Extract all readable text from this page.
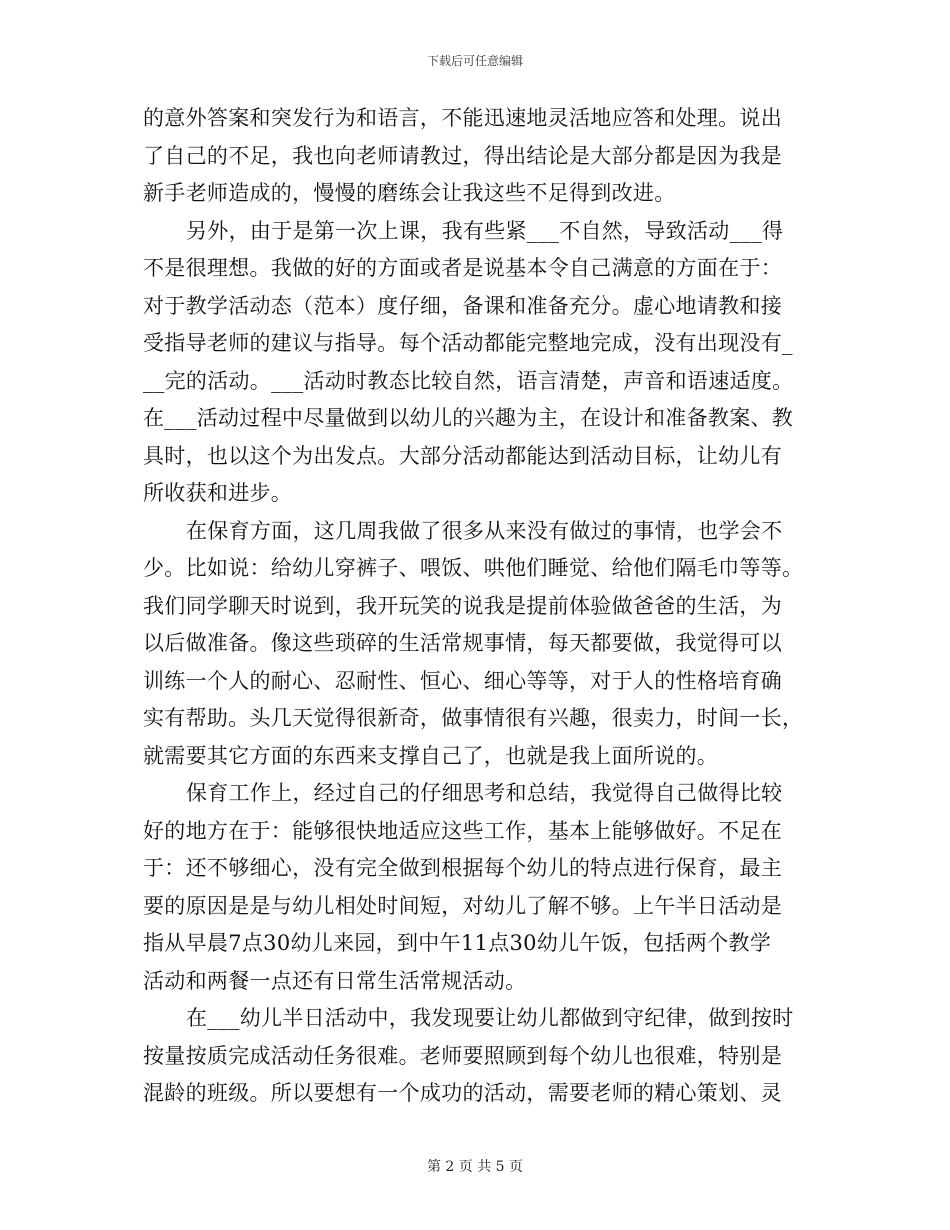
下载后可任意编辑
的意外答案和突发行为和语言，不能迅速地灵活地应答和处理。说出
了自己的不足，我也向老师请教过，得出结论是大部分都是因为我是
新手老师造成的，慢慢的磨练会让我这些不足得到改进。
另外，由于是第一次上课，我有些紧___不自然，导致活动___得
不是很理想。我做的好的方面或者是说基本令自己满意的方面在于：
对于教学活动态（范本）度仔细，备课和准备充分。虚心地请教和接
受指导老师的建议与指导。每个活动都能完整地完成，没有出现没有_
__完的活动。___活动时教态比较自然，语言清楚，声音和语速适度。
在___活动过程中尽量做到以幼儿的兴趣为主，在设计和准备教案、教
具时，也以这个为出发点。大部分活动都能达到活动目标，让幼儿有
所收获和进步。
在保育方面，这几周我做了很多从来没有做过的事情，也学会不
少。比如说：给幼儿穿裤子、喂饭、哄他们睡觉、给他们隔毛巾等等。
我们同学聊天时说到，我开玩笑的说我是提前体验做爸爸的生活，为
以后做准备。像这些琐碎的生活常规事情，每天都要做，我觉得可以
训练一个人的耐心、忍耐性、恒心、细心等等，对于人的性格培育确
实有帮助。头几天觉得很新奇，做事情很有兴趣，很卖力，时间一长，
就需要其它方面的东西来支撑自己了，也就是我上面所说的。
保育工作上，经过自己的仔细思考和总结，我觉得自己做得比较
好的地方在于：能够很快地适应这些工作，基本上能够做好。不足在
于：还不够细心，没有完全做到根据每个幼儿的特点进行保育，最主
要的原因是是与幼儿相处时间短，对幼儿了解不够。上午半日活动是
指从早晨7点30幼儿来园，到中午11点30幼儿午饭，包括两个教学
活动和两餐一点还有日常生活常规活动。
在___幼儿半日活动中，我发现要让幼儿都做到守纪律，做到按时
按量按质完成活动任务很难。老师要照顾到每个幼儿也很难，特别是
混龄的班级。所以要想有一个成功的活动，需要老师的精心策划、灵
第 2 页 共 5 页
